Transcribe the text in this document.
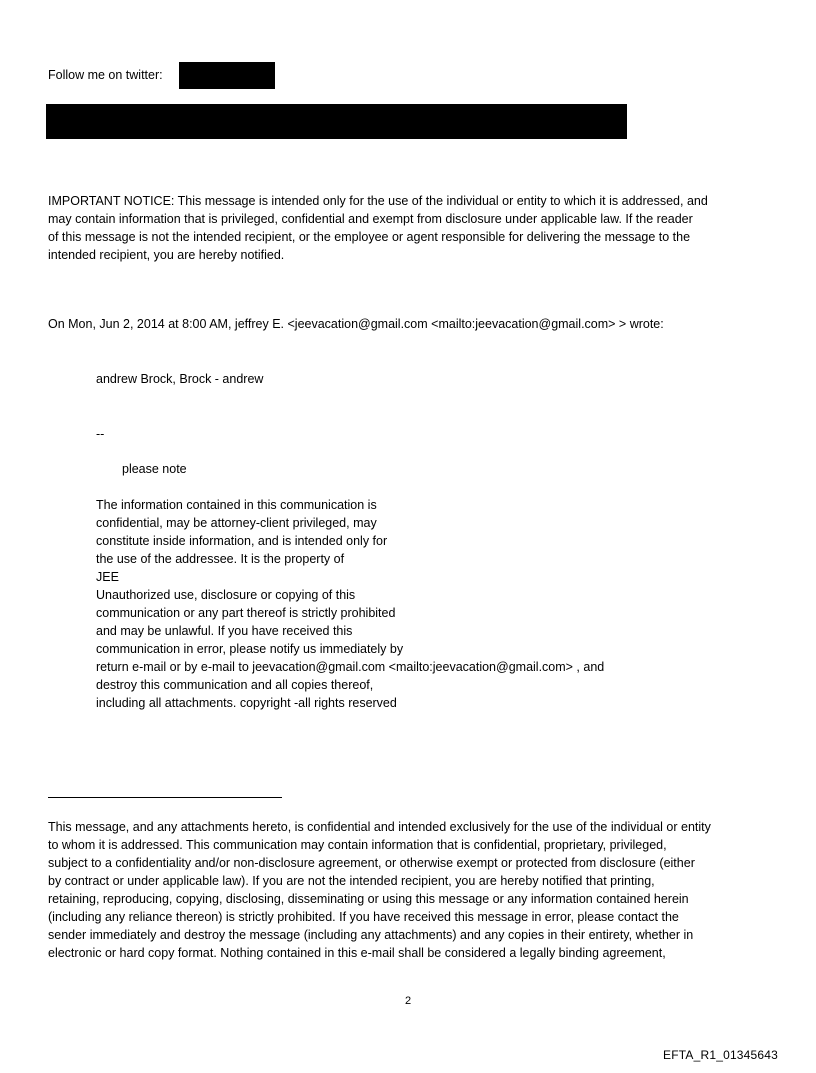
Follow me on twitter:
IMPORTANT NOTICE: This message is intended only for the use of the individual or entity to which it is addressed, and
may contain information that is privileged, confidential and exempt from disclosure under applicable law. If the reader
of this message is not the intended recipient, or the employee or agent responsible for delivering the message to the
intended recipient, you are hereby notified.
On Mon, Jun 2, 2014 at 8:00 AM, jeffrey E. <jeevacation@gmail.com <mailto:jeevacation@gmail.com> > wrote:
andrew Brock, Brock - andrew
--
please note
The information contained in this communication is
confidential, may be attorney-client privileged, may
constitute inside information, and is intended only for
the use of the addressee. It is the property of
JEE
Unauthorized use, disclosure or copying of this
communication or any part thereof is strictly prohibited
and may be unlawful. If you have received this
communication in error, please notify us immediately by
return e-mail or by e-mail to jeevacation@gmail.com <mailto:jeevacation@gmail.com> , and
destroy this communication and all copies thereof,
including all attachments. copyright -all rights reserved
This message, and any attachments hereto, is confidential and intended exclusively for the use of the individual or entity
to whom it is addressed. This communication may contain information that is confidential, proprietary, privileged,
subject to a confidentiality and/or non-disclosure agreement, or otherwise exempt or protected from disclosure (either
by contract or under applicable law). If you are not the intended recipient, you are hereby notified that printing,
retaining, reproducing, copying, disclosing, disseminating or using this message or any information contained herein
(including any reliance thereon) is strictly prohibited. If you have received this message in error, please contact the
sender immediately and destroy the message (including any attachments) and any copies in their entirety, whether in
electronic or hard copy format. Nothing contained in this e-mail shall be considered a legally binding agreement,
2
EFTA_R1_01345643
